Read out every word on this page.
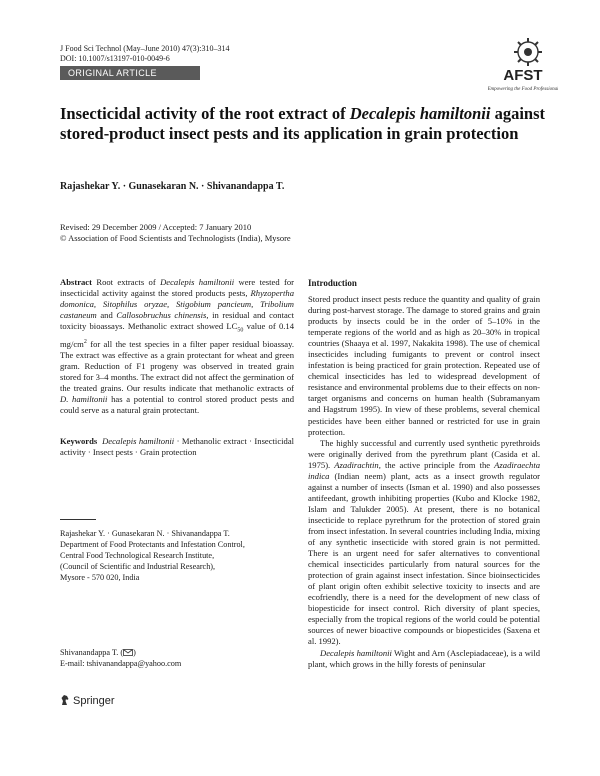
J Food Sci Technol (May–June 2010) 47(3):310–314
DOI: 10.1007/s13197-010-0049-6
ORIGINAL ARTICLE	AFST
Empowering the Food Professional
Insecticidal activity of the root extract of Decalepis hamiltonii against stored-product insect pests and its application in grain protection
Rajashekar Y. · Gunasekaran N. · Shivanandappa T.
Revised: 29 December 2009 / Accepted: 7 January 2010
© Association of Food Scientists and Technologists (India), Mysore
Abstract Root extracts of Decalepis hamiltonii were tested for insecticidal activity against the stored products pests, Rhyzopertha domonica, Sitophilus oryzae, Stigobium pancieum, Tribolium castaneum and Callosobruchus chinensis, in residual and contact toxicity bioassays. Methanolic extract showed $LC_{50}$ value of 0.14 $mg/cm^2$ for all the test species in a filter paper residual bioassay. The extract was effective as a grain protectant for wheat and green gram. Reduction of F1 progeny was observed in treated grain stored for 3–4 months. The extract did not affect the germination of the treated grains. Our results indicate that methanolic extracts of D. hamiltonii has a potential to control stored product pests and could serve as a natural grain protectant.
Keywords Decalepis hamiltonii · Methanolic extract · Insecticidal activity · Insect pests · Grain protection
Introduction

Stored product insect pests reduce the quantity and quality of grain during post-harvest storage. The damage to stored grains and grain products by insects could be in the order of 5–10% in the temperate regions of the world and as high as 20–30% in tropical countries (Shaaya et al. 1997, Nakakita 1998). The use of chemical insecticides including fumigants to prevent or control insect infestation is being practiced for grain protection. Repeated use of chemical insecticides has led to widespread development of resistance and environmental problems due to their effects on non-target organisms and concerns on human health (Subramanyam and Hagstrum 1995). In view of these problems, several chemical pesticides have been either banned or restricted for use in grain protection.

The highly successful and currently used synthetic pyrethroids were originally derived from the pyrethrum plant (Casida et al. 1975). Azadirachtin, the active principle from the Azadiraechta indica (Indian neem) plant, acts as a insect growth regulator against a number of insects (Isman et al. 1990) and also possesses antifeedant, growth inhibiting properties (Kubo and Klocke 1982, Islam and Talukder 2005). At present, there is no botanical insecticide to replace pyrethrum for the protection of stored grain from insect infestation. In several countries including India, mixing of any synthetic insecticide with stored grain is not permitted. There is an urgent need for safer alternatives to conventional chemical insecticides particularly from natural sources for the protection of grain against insect infestation. Since bioinsecticides of plant origin often exhibit selective toxicity to insects and are ecofriendly, there is a need for the development of new class of biopesticide for insect control. Rich diversity of plant species, especially from the tropical regions of the world could be potential sources of newer bioactive compounds or biopesticides (Saxena et al. 1992).

Decalepis hamiltonii Wight and Arn (Asclepiadaceae), is a wild plant, which grows in the hilly forests of peninsular

Rajashekar Y. · Gunasekaran N. · Shivanandappa T.
Department of Food Protectants and Infestation Control,
Central Food Technological Research Institute,
(Council of Scientific and Industrial Research),
Mysore - 570 020, India
Shivanandappa T. ( )
E-mail: tshivanandappa@yahoo.com
Springer
